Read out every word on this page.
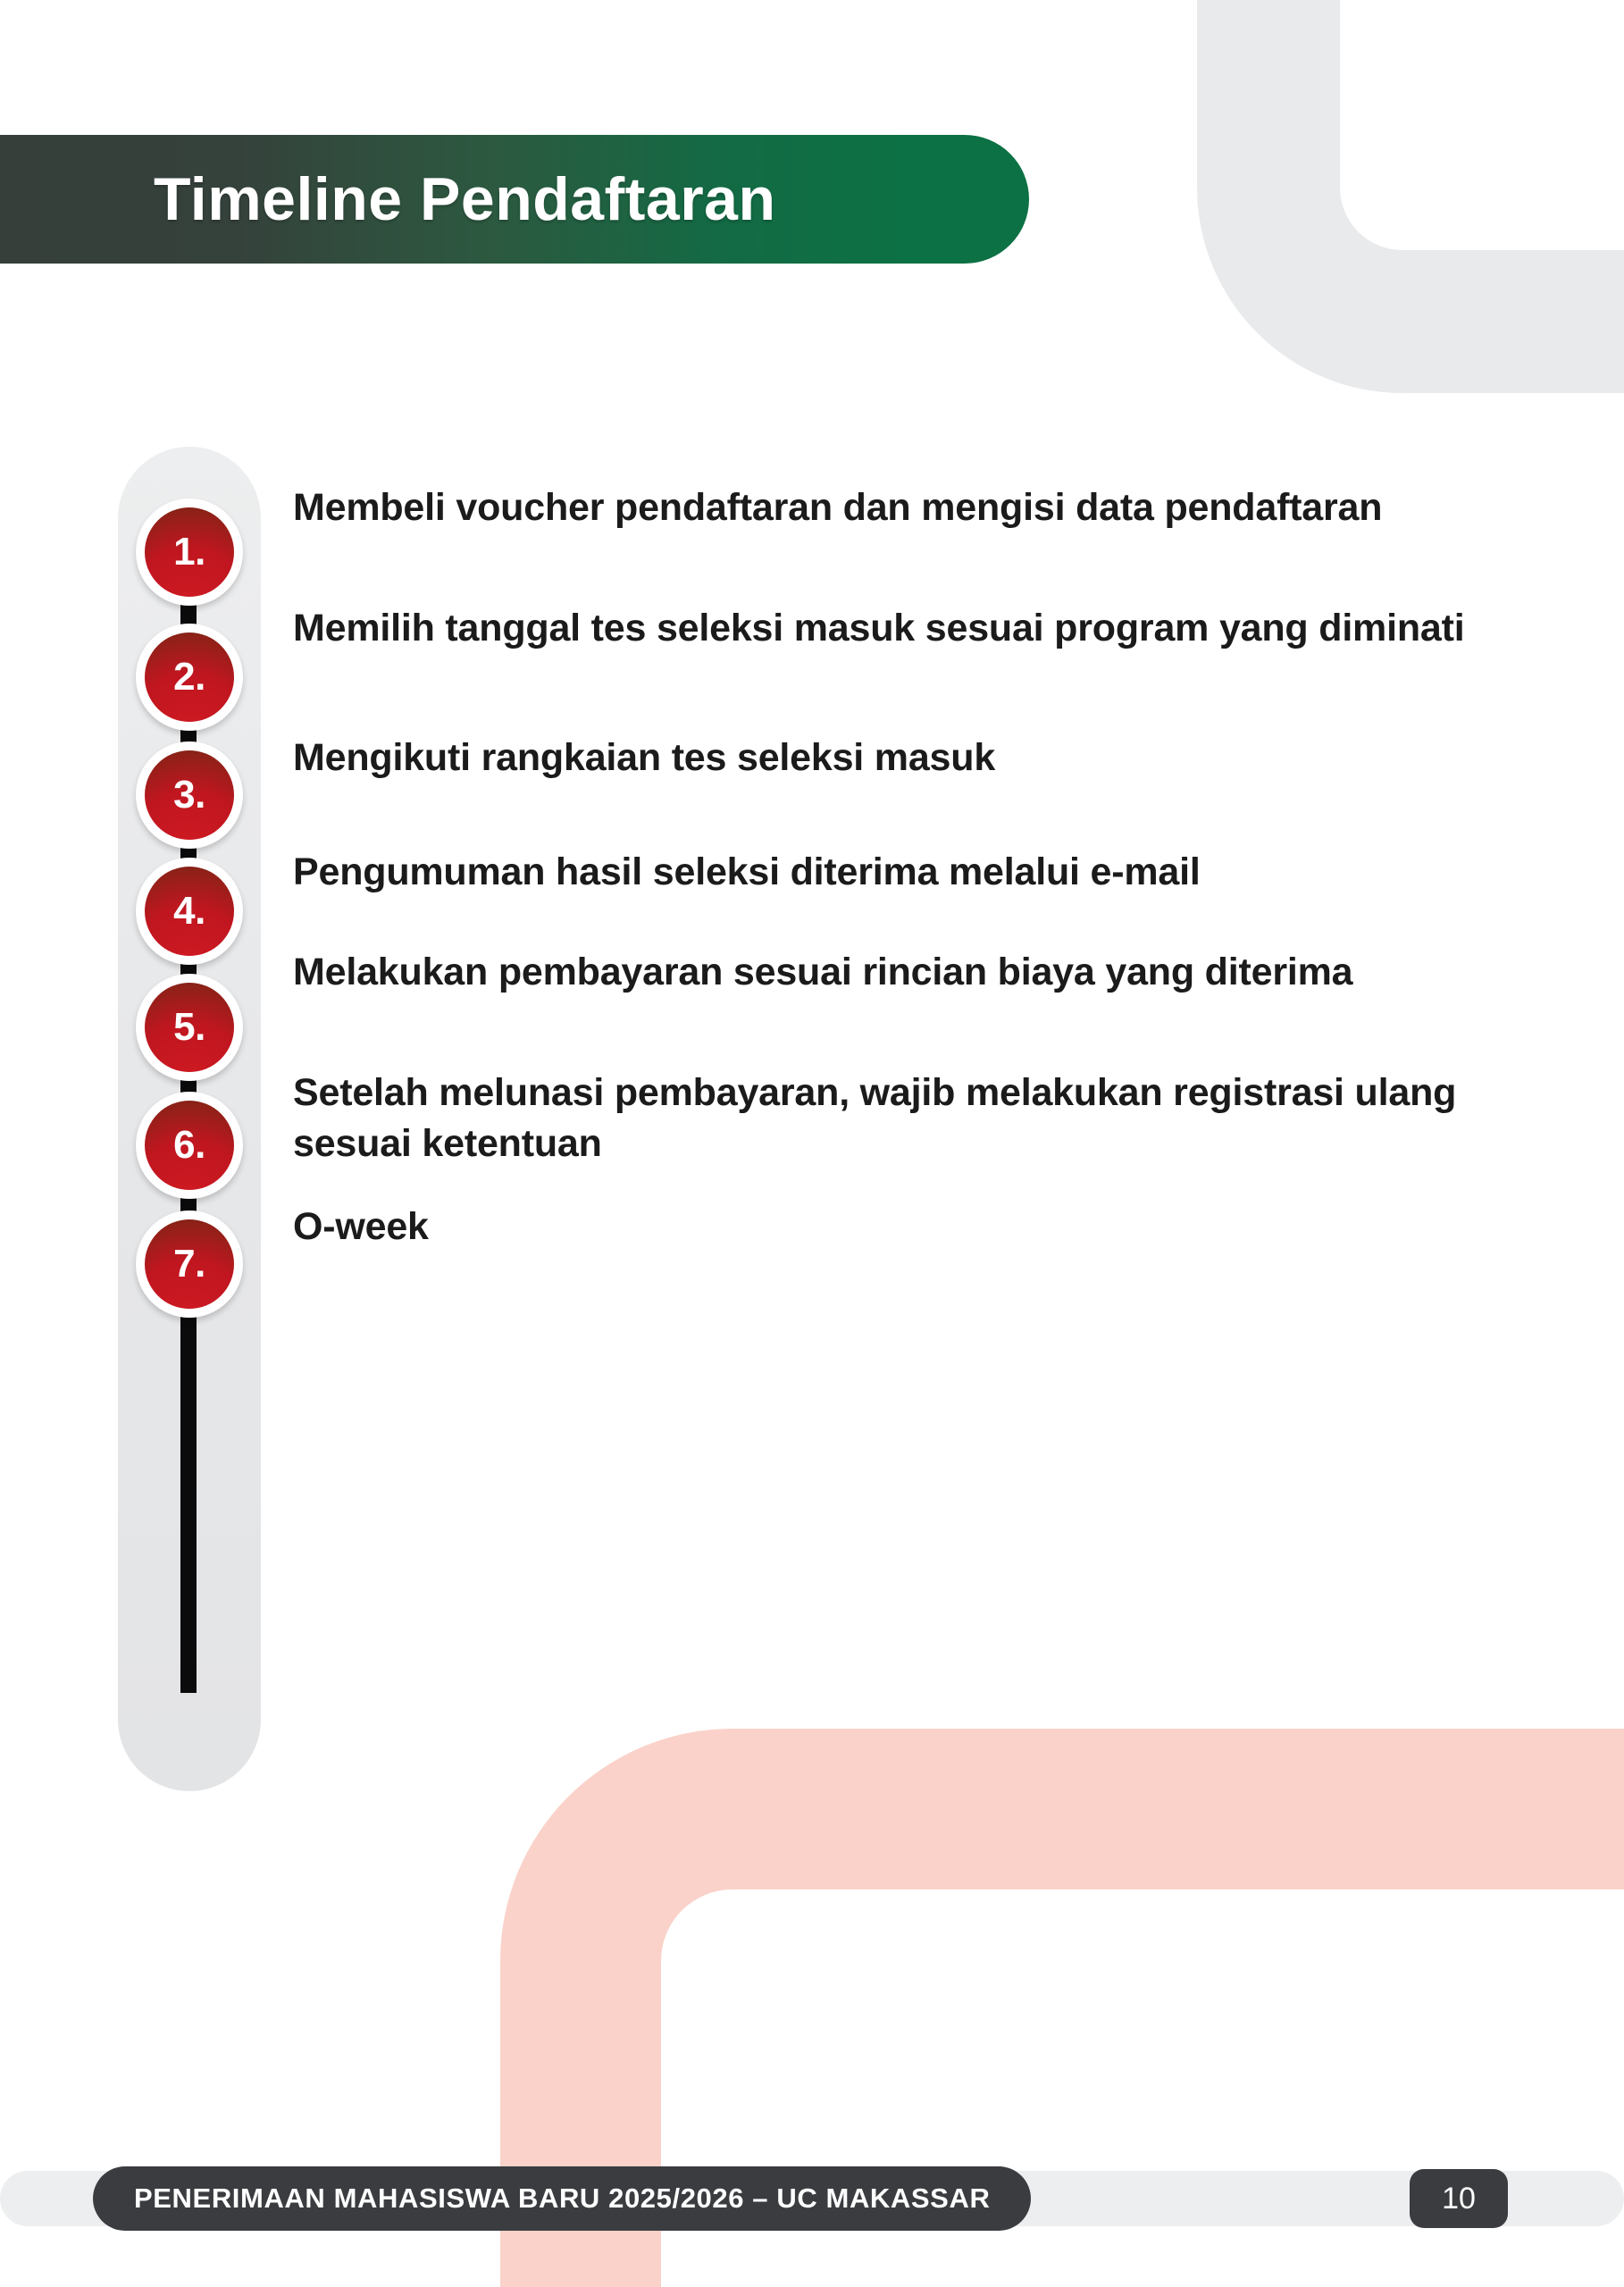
Timeline Pendaftaran
1.
Membeli voucher pendaftaran dan mengisi data pendaftaran
2.
Memilih tanggal tes seleksi masuk sesuai program yang diminati
3.
Mengikuti rangkaian tes seleksi masuk
4.
Pengumuman hasil seleksi diterima melalui e-mail
5.
Melakukan pembayaran sesuai rincian biaya yang diterima
6.
Setelah melunasi pembayaran, wajib melakukan registrasi ulang sesuai ketentuan
7.
O-week
PENERIMAAN MAHASISWA BARU 2025/2026 – UC MAKASSAR	10
